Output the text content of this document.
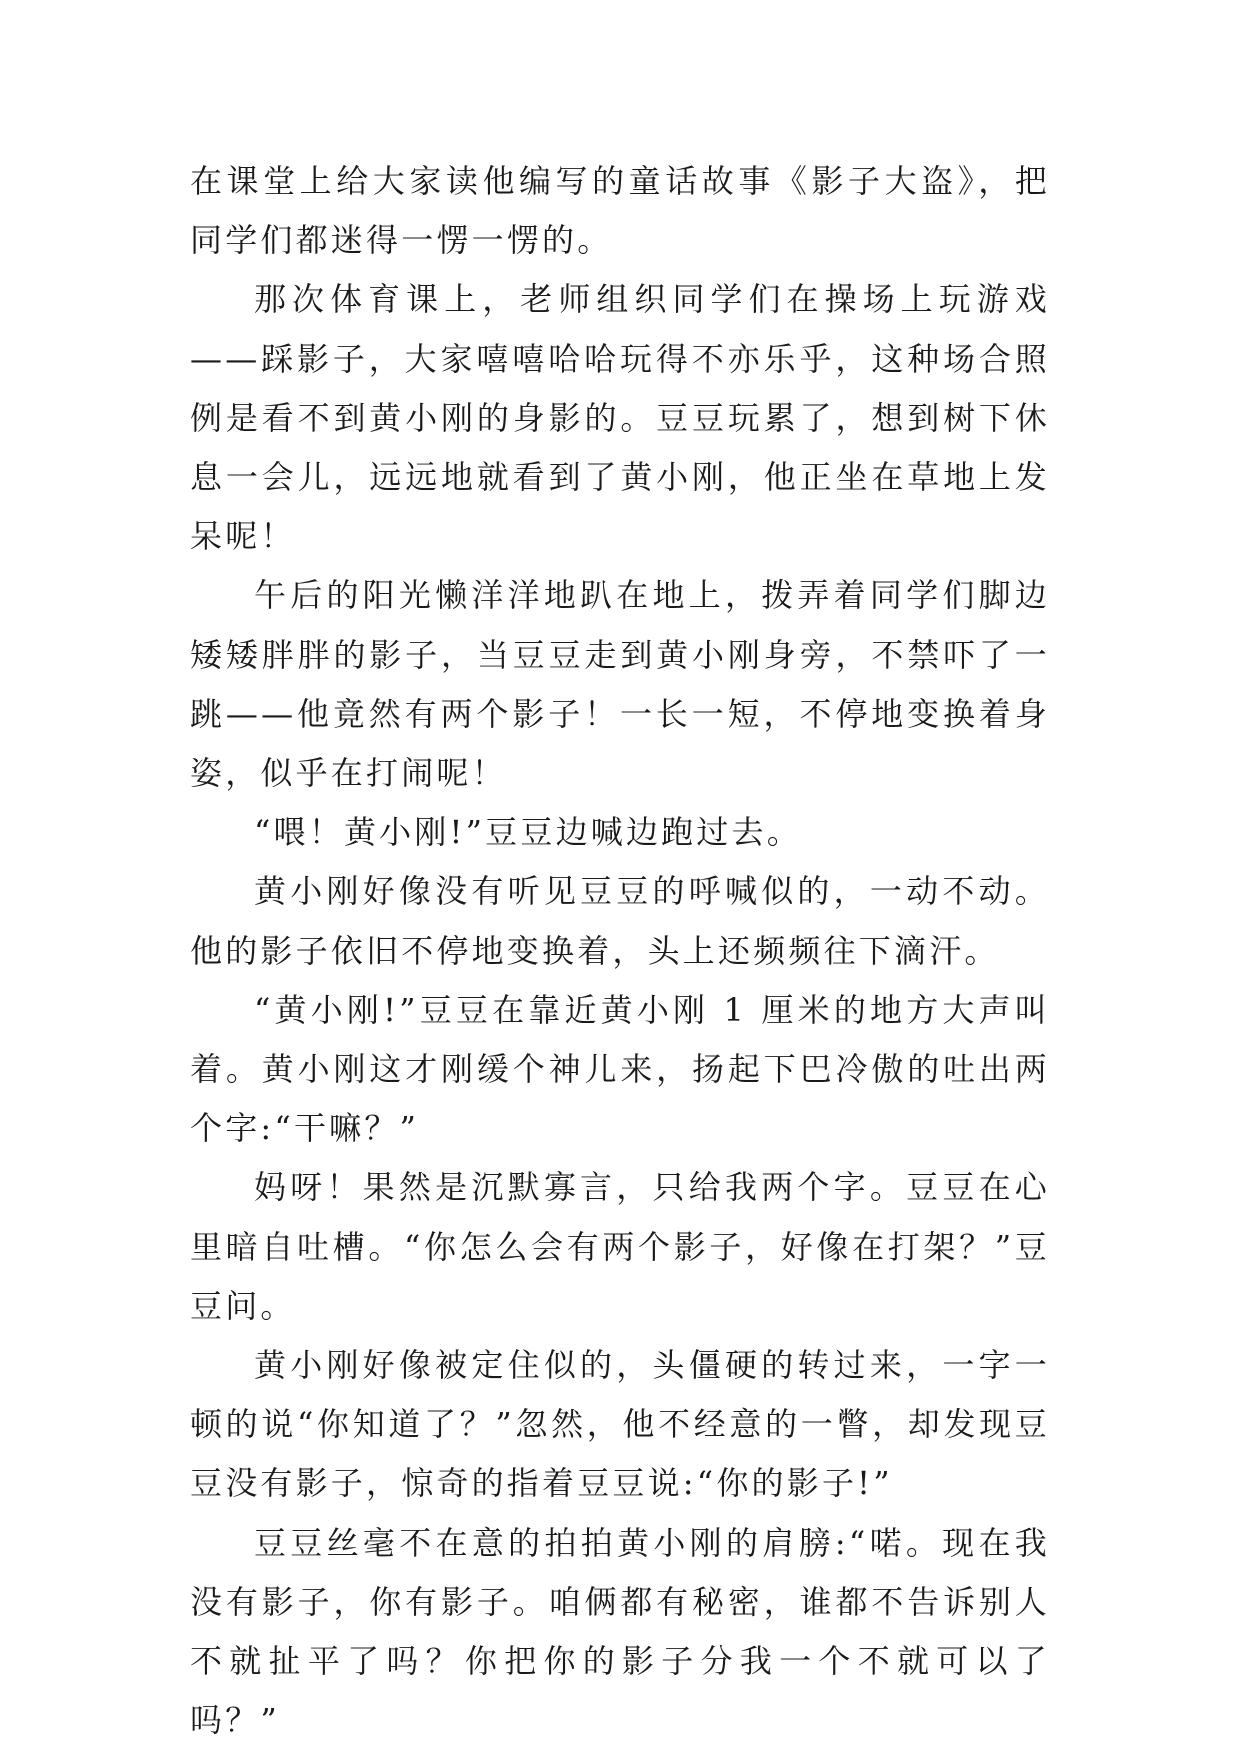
在课堂上给大家读他编写的童话故事《影子大盗》，把同学们都迷得一愣一愣的。

那次体育课上，老师组织同学们在操场上玩游戏——踩影子，大家嘻嘻哈哈玩得不亦乐乎，这种场合照例是看不到黄小刚的身影的。豆豆玩累了，想到树下休息一会儿，远远地就看到了黄小刚，他正坐在草地上发呆呢！

午后的阳光懒洋洋地趴在地上，拨弄着同学们脚边矮矮胖胖的影子，当豆豆走到黄小刚身旁，不禁吓了一跳——他竟然有两个影子！一长一短，不停地变换着身姿，似乎在打闹呢！

“喂！黄小刚!”豆豆边喊边跑过去。

黄小刚好像没有听见豆豆的呼喊似的，一动不动。他的影子依旧不停地变换着，头上还频频往下滴汗。

“黄小刚!”豆豆在靠近黄小刚 1 厘米的地方大声叫着。黄小刚这才刚缓个神儿来，扬起下巴冷傲的吐出两个字:“干嘛？”

妈呀！果然是沉默寡言，只给我两个字。豆豆在心里暗自吐槽。“你怎么会有两个影子，好像在打架？”豆豆问。

黄小刚好像被定住似的，头僵硬的转过来，一字一顿的说“你知道了？”忽然，他不经意的一瞥，却发现豆豆没有影子，惊奇的指着豆豆说:“你的影子!”

豆豆丝毫不在意的拍拍黄小刚的肩膀:“喏。现在我没有影子，你有影子。咱俩都有秘密，谁都不告诉别人不就扯平了吗？你把你的影子分我一个不就可以了吗？”
